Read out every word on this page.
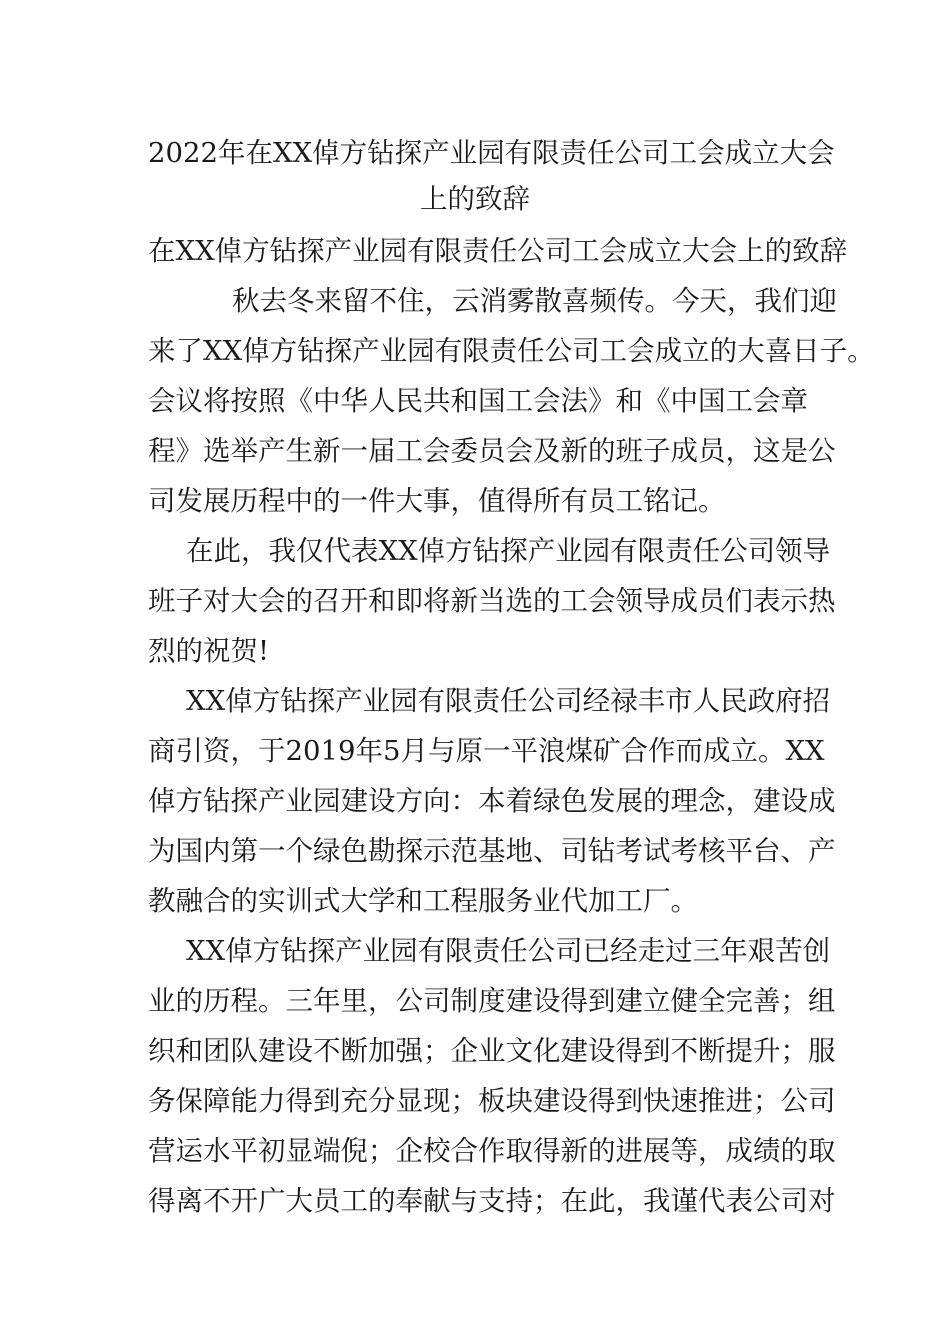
2022年在XX倬方钻探产业园有限责任公司工会成立大会
上的致辞
在XX倬方钻探产业园有限责任公司工会成立大会上的致辞
秋去冬来留不住，云消雾散喜频传。今天，我们迎
来了XX倬方钻探产业园有限责任公司工会成立的大喜日子。
会议将按照《中华人民共和国工会法》和《中国工会章
程》选举产生新一届工会委员会及新的班子成员，这是公
司发展历程中的一件大事，值得所有员工铭记。
在此，我仅代表XX倬方钻探产业园有限责任公司领导
班子对大会的召开和即将新当选的工会领导成员们表示热
烈的祝贺!
XX倬方钻探产业园有限责任公司经禄丰市人民政府招
商引资，于2019年5月与原一平浪煤矿合作而成立。XX
倬方钻探产业园建设方向：本着绿色发展的理念，建设成
为国内第一个绿色勘探示范基地、司钻考试考核平台、产
教融合的实训式大学和工程服务业代加工厂。
XX倬方钻探产业园有限责任公司已经走过三年艰苦创
业的历程。三年里，公司制度建设得到建立健全完善；组
织和团队建设不断加强；企业文化建设得到不断提升；服
务保障能力得到充分显现；板块建设得到快速推进；公司
营运水平初显端倪；企校合作取得新的进展等，成绩的取
得离不开广大员工的奉献与支持；在此，我谨代表公司对
